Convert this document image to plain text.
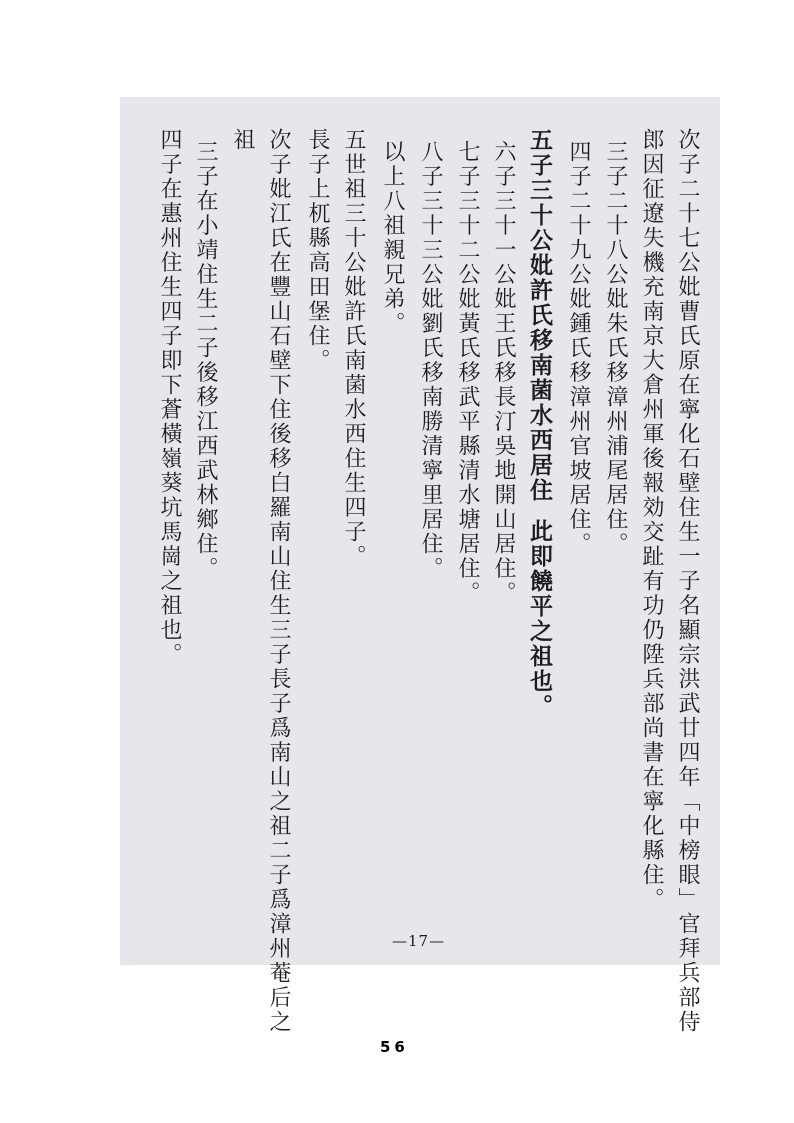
次子二十七公妣曹氏原在寧化石壁住生一子名顯宗洪武廿四年「中榜眼」官拜兵部侍
郎因征遼失機充南京大倉州軍後報効交趾有功仍陞兵部尚書在寧化縣住。
三子二十八公妣朱氏移漳州浦尾居住。
四子二十九公妣鍾氏移漳州官坡居住。
五子三十公妣許氏移南菌水西居住此即饒平之祖也。
六子三十一公妣王氏移長汀吳地開山居住。
七子三十二公妣黃氏移武平縣清水塘居住。
八子三十三公妣劉氏移南勝清寧里居住。
以上八祖親兄弟。
五世祖三十公妣許氏南菌水西住生四子。
長子上杌縣高田堡住。
次子妣江氏在豐山石壁下住後移白羅南山住生三子長子爲南山之祖二子爲漳州菴后之
祖
三子在小靖住生二子後移江西武林鄉住。
四子在惠州住生四子即下蒼橫嶺葵坑馬崗之祖也。
—17—
56
